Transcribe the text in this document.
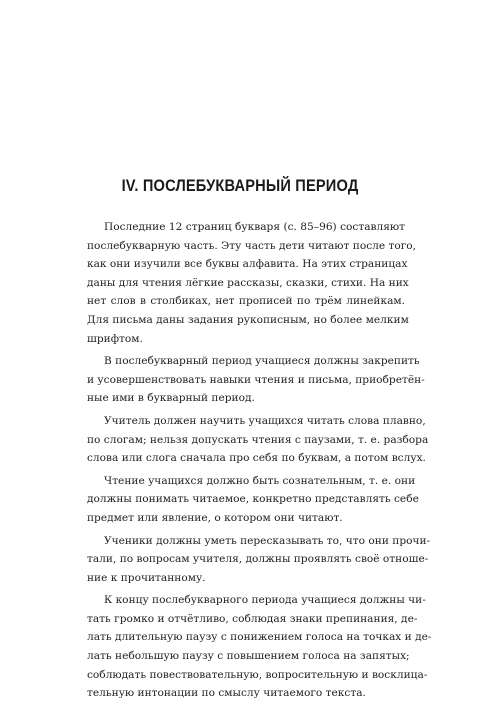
IV. ПОСЛЕБУКВАРНЫЙ ПЕРИОД
Последние 12 страниц букваря (с. 85–96) составляют
послебукварную часть. Эту часть дети читают после того,
как они изучили все буквы алфавита. На этих страницах
даны для чтения лёгкие рассказы, сказки, стихи. На них
нет слов в столбиках, нет прописей по трём линейкам.
Для письма даны задания рукописным, но более мелким
шрифтом.
В послебукварный период учащиеся должны закрепить
и усовершенствовать навыки чтения и письма, приобретён-
ные ими в букварный период.
Учитель должен научить учащихся читать слова плавно,
по слогам; нельзя допускать чтения с паузами, т. е. разбора
слова или слога сначала про себя по буквам, а потом вслух.
Чтение учащихся должно быть сознательным, т. е. они
должны понимать читаемое, конкретно представлять себе
предмет или явление, о котором они читают.
Ученики должны уметь пересказывать то, что они прочи-
тали, по вопросам учителя, должны проявлять своё отноше-
ние к прочитанному.
К концу послебукварного периода учащиеся должны чи-
тать громко и отчётливо, соблюдая знаки препинания, де-
лать длительную паузу с понижением голоса на точках и де-
лать небольшую паузу с повышением голоса на запятых;
соблюдать повествовательную, вопросительную и восклица-
тельную интонации по смыслу читаемого текста.
